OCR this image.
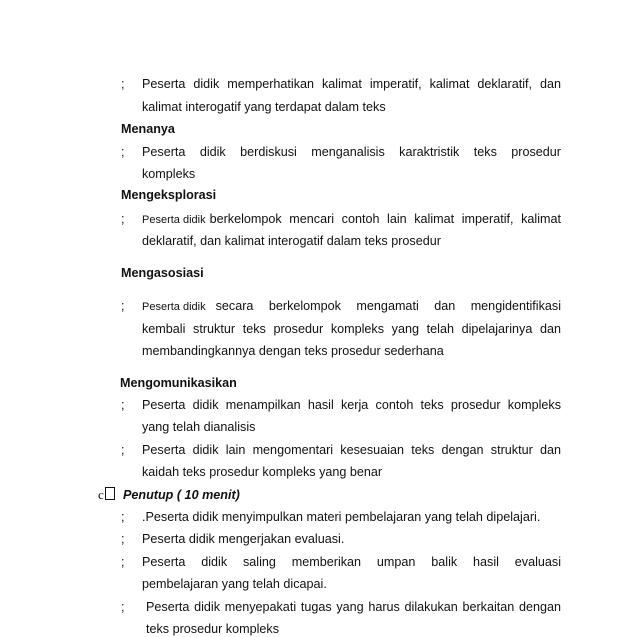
; Peserta didik memperhatikan kalimat imperatif, kalimat deklaratif, dan
kalimat interogatif yang terdapat dalam teks
Menanya
; Peserta didik berdiskusi menganalisis karaktristik teks prosedur
kompleks
Mengeksplorasi
; Peserta didik berkelompok mencari contoh lain kalimat imperatif, kalimat
deklaratif, dan kalimat interogatif dalam teks prosedur
Mengasosiasi
; Peserta didik secara berkelompok mengamati dan mengidentifikasi
kembali struktur teks prosedur kompleks yang telah dipelajarinya dan
membandingkannya dengan teks prosedur sederhana
Mengomunikasikan
; Peserta didik menampilkan hasil kerja contoh teks prosedur kompleks
yang telah dianalisis
; Peserta didik lain mengomentari kesesuaian teks dengan struktur dan
kaidah teks prosedur kompleks yang benar
c	Penutup ( 10 menit)
; .Peserta didik menyimpulkan materi pembelajaran yang telah dipelajari.
; Peserta didik mengerjakan evaluasi.
; Peserta didik saling memberikan umpan balik hasil evaluasi
pembelajaran yang telah dicapai.
; Peserta didik menyepakati tugas yang harus dilakukan berkaitan dengan
teks prosedur kompleks
